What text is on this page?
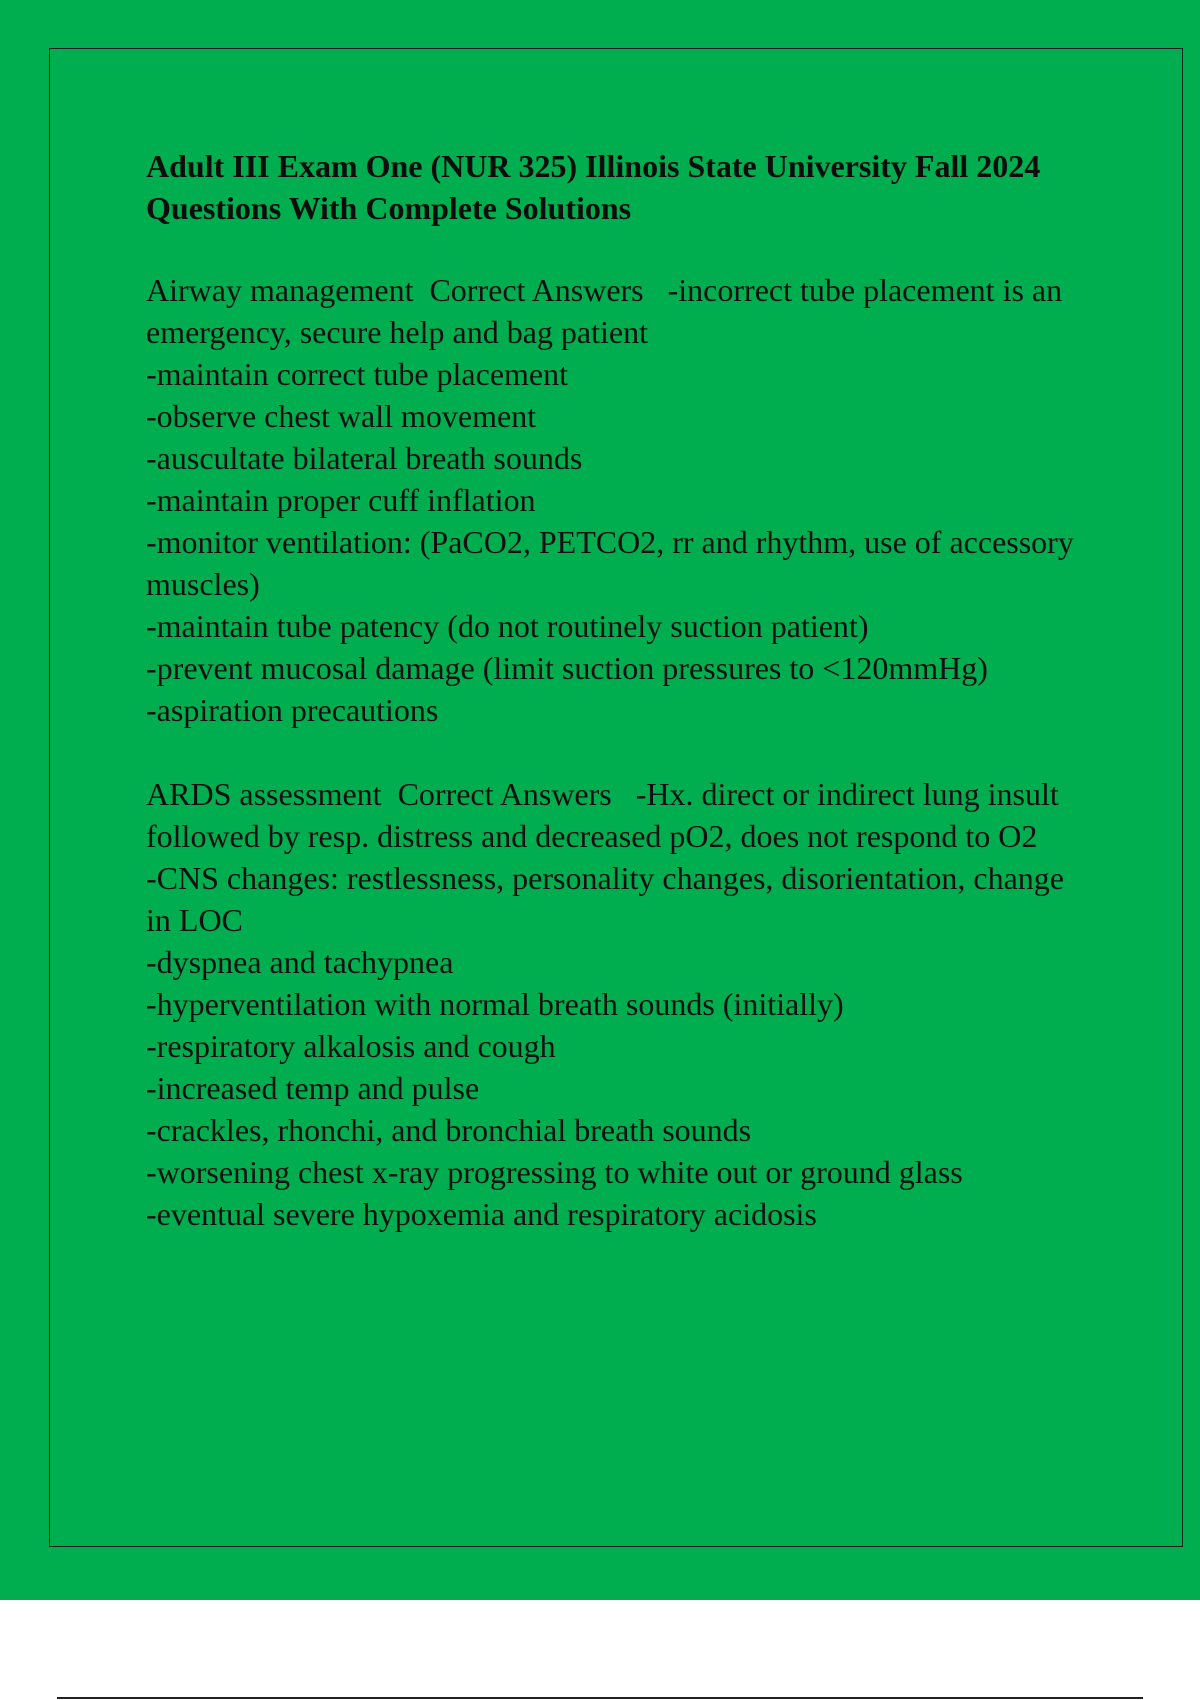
Adult III Exam One (NUR 325) Illinois State University Fall 2024 Questions With Complete Solutions

Airway management Correct Answers -incorrect tube placement is an emergency, secure help and bag patient

-maintain correct tube placement

-observe chest wall movement

-auscultate bilateral breath sounds

-maintain proper cuff inflation

-monitor ventilation: (PaCO2, PETCO2, rr and rhythm, use of accessory muscles)

-maintain tube patency (do not routinely suction patient)

-prevent mucosal damage (limit suction pressures to <120mmHg)

-aspiration precautions

ARDS assessment Correct Answers -Hx. direct or indirect lung insult followed by resp. distress and decreased pO2, does not respond to O2

-CNS changes: restlessness, personality changes, disorientation, change in LOC

-dyspnea and tachypnea

-hyperventilation with normal breath sounds (initially)

-respiratory alkalosis and cough

-increased temp and pulse

-crackles, rhonchi, and bronchial breath sounds

-worsening chest x-ray progressing to white out or ground glass

-eventual severe hypoxemia and respiratory acidosis
